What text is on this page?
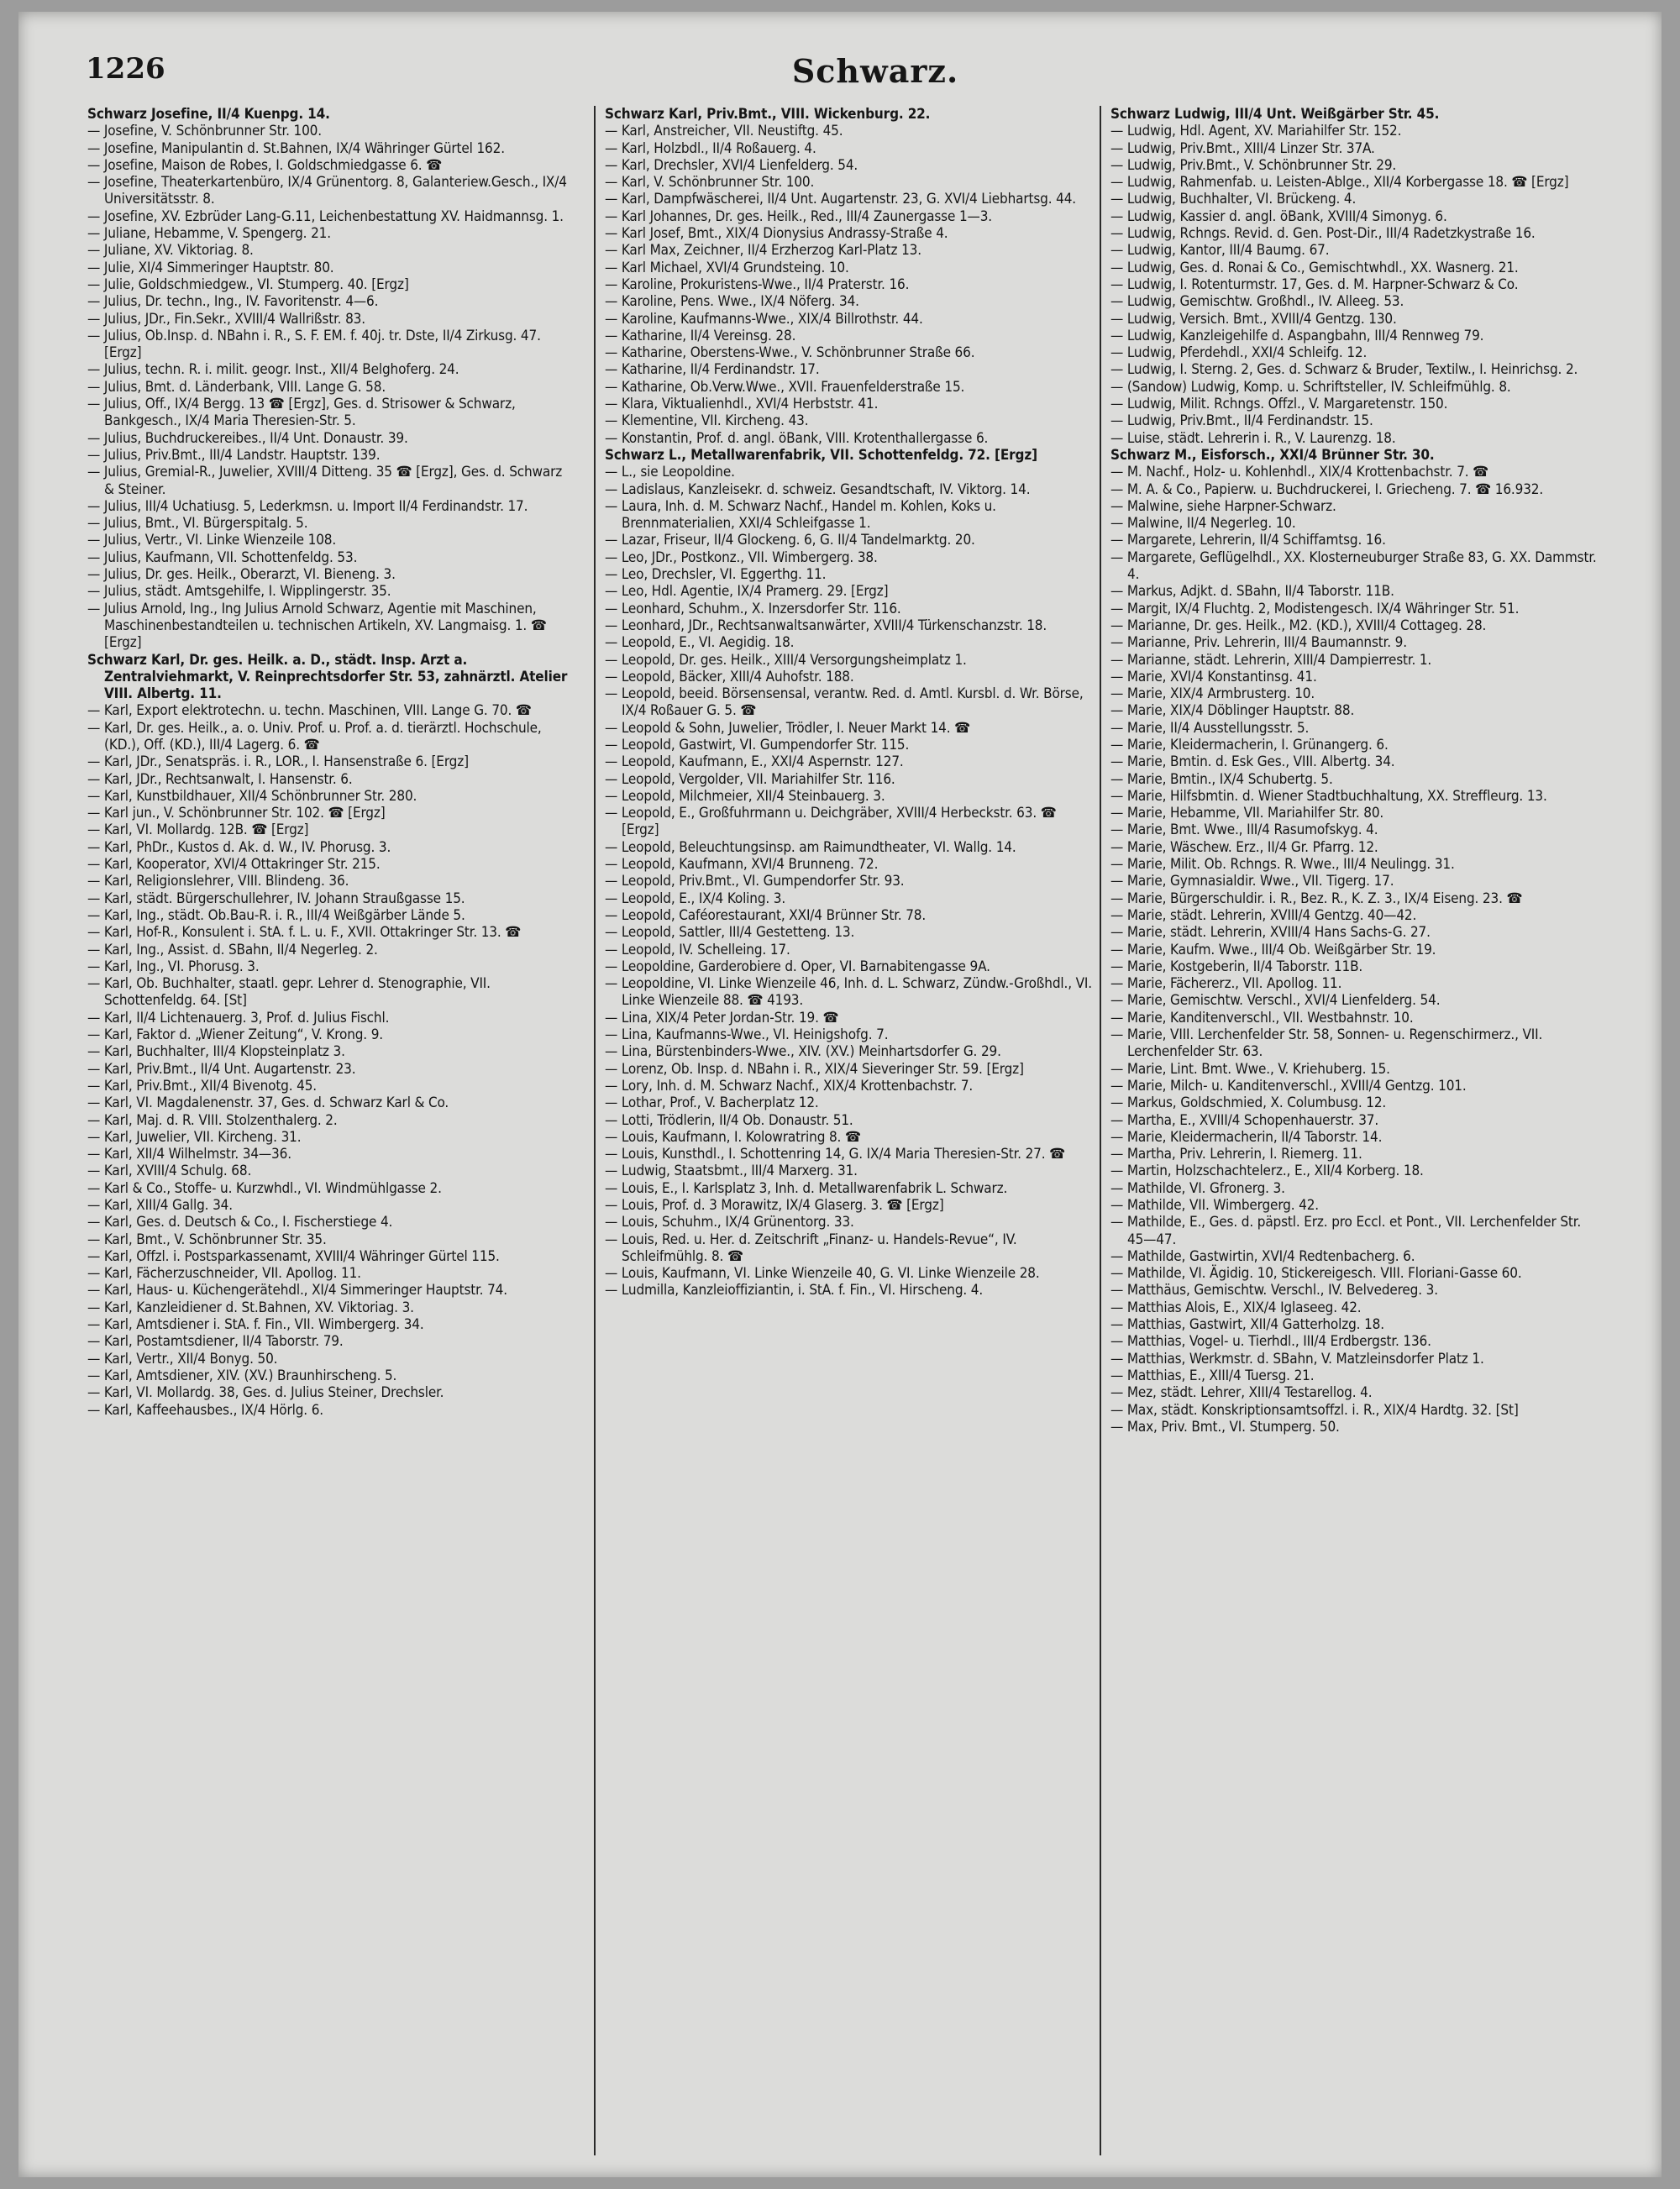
1226	Schwarz.

Schwarz Josefine, II/4 Kuenpg. 14.

— Josefine, V. Schönbrunner Str. 100.

— Josefine, Manipulantin d. St.Bahnen, IX/4 Währinger Gürtel 162.

— Josefine, Maison de Robes, I. Goldschmiedgasse 6. ☎

— Josefine, Theaterkartenbüro, IX/4 Grünentorg. 8, Galanteriew.Gesch., IX/4 Universitätsstr. 8.

— Josefine, XV. Ezbrüder Lang-G.11, Leichenbestattung XV. Haidmannsg. 1.

— Juliane, Hebamme, V. Spengerg. 21.

— Juliane, XV. Viktoriag. 8.

— Julie, XI/4 Simmeringer Hauptstr. 80.

— Julie, Goldschmiedgew., VI. Stumperg. 40. [Ergz]

— Julius, Dr. techn., Ing., IV. Favoritenstr. 4—6.

— Julius, JDr., Fin.Sekr., XVIII/4 Wallrißstr. 83.

— Julius, Ob.Insp. d. NBahn i. R., S. F. EM. f. 40j. tr. Dste, II/4 Zirkusg. 47. [Ergz]

— Julius, techn. R. i. milit. geogr. Inst., XII/4 Belghoferg. 24.

— Julius, Bmt. d. Länderbank, VIII. Lange G. 58.

— Julius, Off., IX/4 Bergg. 13 ☎ [Ergz], Ges. d. Strisower & Schwarz, Bankgesch., IX/4 Maria Theresien-Str. 5.

— Julius, Buchdruckereibes., II/4 Unt. Donaustr. 39.

— Julius, Priv.Bmt., III/4 Landstr. Hauptstr. 139.

— Julius, Gremial-R., Juwelier, XVIII/4 Ditteng. 35 ☎ [Ergz], Ges. d. Schwarz & Steiner.

— Julius, III/4 Uchatiusg. 5, Lederkmsn. u. Import II/4 Ferdinandstr. 17.

— Julius, Bmt., VI. Bürgerspitalg. 5.

— Julius, Vertr., VI. Linke Wienzeile 108.

— Julius, Kaufmann, VII. Schottenfeldg. 53.

— Julius, Dr. ges. Heilk., Oberarzt, VI. Bieneng. 3.

— Julius, städt. Amtsgehilfe, I. Wipplingerstr. 35.

— Julius Arnold, Ing., Ing Julius Arnold Schwarz, Agentie mit Maschinen, Maschinenbestandteilen u. technischen Artikeln, XV. Langmaisg. 1. ☎ [Ergz]

Schwarz Karl, Dr. ges. Heilk. a. D., städt. Insp. Arzt a. Zentralviehmarkt, V. Reinprechtsdorfer Str. 53, zahnärztl. Atelier VIII. Albertg. 11.

— Karl, Export elektrotechn. u. techn. Maschinen, VIII. Lange G. 70. ☎

— Karl, Dr. ges. Heilk., a. o. Univ. Prof. u. Prof. a. d. tierärztl. Hochschule, (KD.), Off. (KD.), III/4 Lagerg. 6. ☎

— Karl, JDr., Senatspräs. i. R., LOR., I. Hansenstraße 6. [Ergz]

— Karl, JDr., Rechtsanwalt, I. Hansenstr. 6.

— Karl, Kunstbildhauer, XII/4 Schönbrunner Str. 280.

— Karl jun., V. Schönbrunner Str. 102. ☎ [Ergz]

— Karl, VI. Mollardg. 12B. ☎ [Ergz]

— Karl, PhDr., Kustos d. Ak. d. W., IV. Phorusg. 3.

— Karl, Kooperator, XVI/4 Ottakringer Str. 215.

— Karl, Religionslehrer, VIII. Blindeng. 36.

— Karl, städt. Bürgerschullehrer, IV. Johann Straußgasse 15.

— Karl, Ing., städt. Ob.Bau-R. i. R., III/4 Weißgärber Lände 5.

— Karl, Hof-R., Konsulent i. StA. f. L. u. F., XVII. Ottakringer Str. 13. ☎

— Karl, Ing., Assist. d. SBahn, II/4 Negerleg. 2.

— Karl, Ing., VI. Phorusg. 3.

— Karl, Ob. Buchhalter, staatl. gepr. Lehrer d. Stenographie, VII. Schottenfeldg. 64. [St]

— Karl, II/4 Lichtenauerg. 3, Prof. d. Julius Fischl.

— Karl, Faktor d. „Wiener Zeitung“, V. Krong. 9.

— Karl, Buchhalter, III/4 Klopsteinplatz 3.

— Karl, Priv.Bmt., II/4 Unt. Augartenstr. 23.

— Karl, Priv.Bmt., XII/4 Bivenotg. 45.

— Karl, VI. Magdalenenstr. 37, Ges. d. Schwarz Karl & Co.

— Karl, Maj. d. R. VIII. Stolzenthalerg. 2.

— Karl, Juwelier, VII. Kircheng. 31.

— Karl, XII/4 Wilhelmstr. 34—36.

— Karl, XVIII/4 Schulg. 68.

— Karl & Co., Stoffe- u. Kurzwhdl., VI. Windmühlgasse 2.

— Karl, XIII/4 Gallg. 34.

— Karl, Ges. d. Deutsch & Co., I. Fischerstiege 4.

— Karl, Bmt., V. Schönbrunner Str. 35.

— Karl, Offzl. i. Postsparkassenamt, XVIII/4 Währinger Gürtel 115.

— Karl, Fächerzuschneider, VII. Apollog. 11.

— Karl, Haus- u. Küchengerätehdl., XI/4 Simmeringer Hauptstr. 74.

— Karl, Kanzleidiener d. St.Bahnen, XV. Viktoriag. 3.

— Karl, Amtsdiener i. StA. f. Fin., VII. Wimbergerg. 34.

— Karl, Postamtsdiener, II/4 Taborstr. 79.

— Karl, Vertr., XII/4 Bonyg. 50.

— Karl, Amtsdiener, XIV. (XV.) Braunhirscheng. 5.

— Karl, VI. Mollardg. 38, Ges. d. Julius Steiner, Drechsler.

— Karl, Kaffeehausbes., IX/4 Hörlg. 6.

Schwarz Karl, Priv.Bmt., VIII. Wickenburg. 22.

— Karl, Anstreicher, VII. Neustiftg. 45.

— Karl, Holzbdl., II/4 Roßauerg. 4.

— Karl, Drechsler, XVI/4 Lienfelderg. 54.

— Karl, V. Schönbrunner Str. 100.

— Karl, Dampfwäscherei, II/4 Unt. Augartenstr. 23, G. XVI/4 Liebhartsg. 44.

— Karl Johannes, Dr. ges. Heilk., Red., III/4 Zaunergasse 1—3.

— Karl Josef, Bmt., XIX/4 Dionysius Andrassy-Straße 4.

— Karl Max, Zeichner, II/4 Erzherzog Karl-Platz 13.

— Karl Michael, XVI/4 Grundsteing. 10.

— Karoline, Prokuristens-Wwe., II/4 Praterstr. 16.

— Karoline, Pens. Wwe., IX/4 Nöferg. 34.

— Karoline, Kaufmanns-Wwe., XIX/4 Billrothstr. 44.

— Katharine, II/4 Vereinsg. 28.

— Katharine, Oberstens-Wwe., V. Schönbrunner Straße 66.

— Katharine, II/4 Ferdinandstr. 17.

— Katharine, Ob.Verw.Wwe., XVII. Frauenfelderstraße 15.

— Klara, Viktualienhdl., XVI/4 Herbststr. 41.

— Klementine, VII. Kircheng. 43.

— Konstantin, Prof. d. angl. öBank, VIII. Krotenthallergasse 6.

Schwarz L., Metallwarenfabrik, VII. Schottenfeldg. 72. [Ergz]

— L., sie Leopoldine.

— Ladislaus, Kanzleisekr. d. schweiz. Gesandtschaft, IV. Viktorg. 14.

— Laura, Inh. d. M. Schwarz Nachf., Handel m. Kohlen, Koks u. Brennmaterialien, XXI/4 Schleifgasse 1.

— Lazar, Friseur, II/4 Glockeng. 6, G. II/4 Tandelmarktg. 20.

— Leo, JDr., Postkonz., VII. Wimbergerg. 38.

— Leo, Drechsler, VI. Eggerthg. 11.

— Leo, Hdl. Agentie, IX/4 Pramerg. 29. [Ergz]

— Leonhard, Schuhm., X. Inzersdorfer Str. 116.

— Leonhard, JDr., Rechtsanwaltsanwärter, XVIII/4 Türkenschanzstr. 18.

— Leopold, E., VI. Aegidig. 18.

— Leopold, Dr. ges. Heilk., XIII/4 Versorgungsheimplatz 1.

— Leopold, Bäcker, XIII/4 Auhofstr. 188.

— Leopold, beeid. Börsensensal, verantw. Red. d. Amtl. Kursbl. d. Wr. Börse, IX/4 Roßauer G. 5. ☎

— Leopold & Sohn, Juwelier, Trödler, I. Neuer Markt 14. ☎

— Leopold, Gastwirt, VI. Gumpendorfer Str. 115.

— Leopold, Kaufmann, E., XXI/4 Aspernstr. 127.

— Leopold, Vergolder, VII. Mariahilfer Str. 116.

— Leopold, Milchmeier, XII/4 Steinbauerg. 3.

— Leopold, E., Großfuhrmann u. Deichgräber, XVIII/4 Herbeckstr. 63. ☎ [Ergz]

— Leopold, Beleuchtungsinsp. am Raimundtheater, VI. Wallg. 14.

— Leopold, Kaufmann, XVI/4 Brunneng. 72.

— Leopold, Priv.Bmt., VI. Gumpendorfer Str. 93.

— Leopold, E., IX/4 Koling. 3.

— Leopold, Caféorestaurant, XXI/4 Brünner Str. 78.

— Leopold, Sattler, III/4 Gestetteng. 13.

— Leopold, IV. Schelleing. 17.

— Leopoldine, Garderobiere d. Oper, VI. Barnabitengasse 9A.

— Leopoldine, VI. Linke Wienzeile 46, Inh. d. L. Schwarz, Zündw.-Großhdl., VI. Linke Wienzeile 88. ☎ 4193.

— Lina, XIX/4 Peter Jordan-Str. 19. ☎

— Lina, Kaufmanns-Wwe., VI. Heinigshofg. 7.

— Lina, Bürstenbinders-Wwe., XIV. (XV.) Meinhartsdorfer G. 29.

— Lorenz, Ob. Insp. d. NBahn i. R., XIX/4 Sieveringer Str. 59. [Ergz]

— Lory, Inh. d. M. Schwarz Nachf., XIX/4 Krottenbachstr. 7.

— Lothar, Prof., V. Bacherplatz 12.

— Lotti, Trödlerin, II/4 Ob. Donaustr. 51.

— Louis, Kaufmann, I. Kolowratring 8. ☎

— Louis, Kunsthdl., I. Schottenring 14, G. IX/4 Maria Theresien-Str. 27. ☎

— Ludwig, Staatsbmt., III/4 Marxerg. 31.

— Louis, E., I. Karlsplatz 3, Inh. d. Metallwarenfabrik L. Schwarz.

— Louis, Prof. d. 3 Morawitz, IX/4 Glaserg. 3. ☎ [Ergz]

— Louis, Schuhm., IX/4 Grünentorg. 33.

— Louis, Red. u. Her. d. Zeitschrift „Finanz- u. Handels-Revue“, IV. Schleifmühlg. 8. ☎

— Louis, Kaufmann, VI. Linke Wienzeile 40, G. VI. Linke Wienzeile 28.

— Ludmilla, Kanzleioffiziantin, i. StA. f. Fin., VI. Hirscheng. 4.

Schwarz Ludwig, III/4 Unt. Weißgärber Str. 45.

— Ludwig, Hdl. Agent, XV. Mariahilfer Str. 152.

— Ludwig, Priv.Bmt., XIII/4 Linzer Str. 37A.

— Ludwig, Priv.Bmt., V. Schönbrunner Str. 29.

— Ludwig, Rahmenfab. u. Leisten-Ablge., XII/4 Korbergasse 18. ☎ [Ergz]

— Ludwig, Buchhalter, VI. Brückeng. 4.

— Ludwig, Kassier d. angl. öBank, XVIII/4 Simonyg. 6.

— Ludwig, Rchngs. Revid. d. Gen. Post-Dir., III/4 Radetzkystraße 16.

— Ludwig, Kantor, III/4 Baumg. 67.

— Ludwig, Ges. d. Ronai & Co., Gemischtwhdl., XX. Wasnerg. 21.

— Ludwig, I. Rotenturmstr. 17, Ges. d. M. Harpner-Schwarz & Co.

— Ludwig, Gemischtw. Großhdl., IV. Alleeg. 53.

— Ludwig, Versich. Bmt., XVIII/4 Gentzg. 130.

— Ludwig, Kanzleigehilfe d. Aspangbahn, III/4 Rennweg 79.

— Ludwig, Pferdehdl., XXI/4 Schleifg. 12.

— Ludwig, I. Sterng. 2, Ges. d. Schwarz & Bruder, Textilw., I. Heinrichsg. 2.

— (Sandow) Ludwig, Komp. u. Schriftsteller, IV. Schleifmühlg. 8.

— Ludwig, Milit. Rchngs. Offzl., V. Margaretenstr. 150.

— Ludwig, Priv.Bmt., II/4 Ferdinandstr. 15.

— Luise, städt. Lehrerin i. R., V. Laurenzg. 18.

Schwarz M., Eisforsch., XXI/4 Brünner Str. 30.

— M. Nachf., Holz- u. Kohlenhdl., XIX/4 Krottenbachstr. 7. ☎

— M. A. & Co., Papierw. u. Buchdruckerei, I. Griecheng. 7. ☎ 16.932.

— Malwine, siehe Harpner-Schwarz.

— Malwine, II/4 Negerleg. 10.

— Margarete, Lehrerin, II/4 Schiffamtsg. 16.

— Margarete, Geflügelhdl., XX. Klosterneuburger Straße 83, G. XX. Dammstr. 4.

— Markus, Adjkt. d. SBahn, II/4 Taborstr. 11B.

— Margit, IX/4 Fluchtg. 2, Modistengesch. IX/4 Währinger Str. 51.

— Marianne, Dr. ges. Heilk., M2. (KD.), XVIII/4 Cottageg. 28.

— Marianne, Priv. Lehrerin, III/4 Baumannstr. 9.

— Marianne, städt. Lehrerin, XIII/4 Dampierrestr. 1.

— Marie, XVI/4 Konstantinsg. 41.

— Marie, XIX/4 Armbrusterg. 10.

— Marie, XIX/4 Döblinger Hauptstr. 88.

— Marie, II/4 Ausstellungsstr. 5.

— Marie, Kleidermacherin, I. Grünangerg. 6.

— Marie, Bmtin. d. Esk Ges., VIII. Albertg. 34.

— Marie, Bmtin., IX/4 Schubertg. 5.

— Marie, Hilfsbmtin. d. Wiener Stadtbuchhaltung, XX. Streffleurg. 13.

— Marie, Hebamme, VII. Mariahilfer Str. 80.

— Marie, Bmt. Wwe., III/4 Rasumofskyg. 4.

— Marie, Wäschew. Erz., II/4 Gr. Pfarrg. 12.

— Marie, Milit. Ob. Rchngs. R. Wwe., III/4 Neulingg. 31.

— Marie, Gymnasialdir. Wwe., VII. Tigerg. 17.

— Marie, Bürgerschuldir. i. R., Bez. R., K. Z. 3., IX/4 Eiseng. 23. ☎

— Marie, städt. Lehrerin, XVIII/4 Gentzg. 40—42.

— Marie, städt. Lehrerin, XVIII/4 Hans Sachs-G. 27.

— Marie, Kaufm. Wwe., III/4 Ob. Weißgärber Str. 19.

— Marie, Kostgeberin, II/4 Taborstr. 11B.

— Marie, Fächererz., VII. Apollog. 11.

— Marie, Gemischtw. Verschl., XVI/4 Lienfelderg. 54.

— Marie, Kanditenverschl., VII. Westbahnstr. 10.

— Marie, VIII. Lerchenfelder Str. 58, Sonnen- u. Regenschirmerz., VII. Lerchenfelder Str. 63.

— Marie, Lint. Bmt. Wwe., V. Kriehuberg. 15.

— Marie, Milch- u. Kanditenverschl., XVIII/4 Gentzg. 101.

— Markus, Goldschmied, X. Columbusg. 12.

— Martha, E., XVIII/4 Schopenhauerstr. 37.

— Marie, Kleidermacherin, II/4 Taborstr. 14.

— Martha, Priv. Lehrerin, I. Riemerg. 11.

— Martin, Holzschachtelerz., E., XII/4 Korberg. 18.

— Mathilde, VI. Gfronerg. 3.

— Mathilde, VII. Wimbergerg. 42.

— Mathilde, E., Ges. d. päpstl. Erz. pro Eccl. et Pont., VII. Lerchenfelder Str. 45—47.

— Mathilde, Gastwirtin, XVI/4 Redtenbacherg. 6.

— Mathilde, VI. Ägidig. 10, Stickereigesch. VIII. Floriani-Gasse 60.

— Matthäus, Gemischtw. Verschl., IV. Belvedereg. 3.

— Matthias Alois, E., XIX/4 Iglaseeg. 42.

— Matthias, Gastwirt, XII/4 Gatterholzg. 18.

— Matthias, Vogel- u. Tierhdl., III/4 Erdbergstr. 136.

— Matthias, Werkmstr. d. SBahn, V. Matzleinsdorfer Platz 1.

— Matthias, E., XIII/4 Tuersg. 21.

— Mez, städt. Lehrer, XIII/4 Testarellog. 4.

— Max, städt. Konskriptionsamtsoffzl. i. R., XIX/4 Hardtg. 32. [St]

— Max, Priv. Bmt., VI. Stumperg. 50.
